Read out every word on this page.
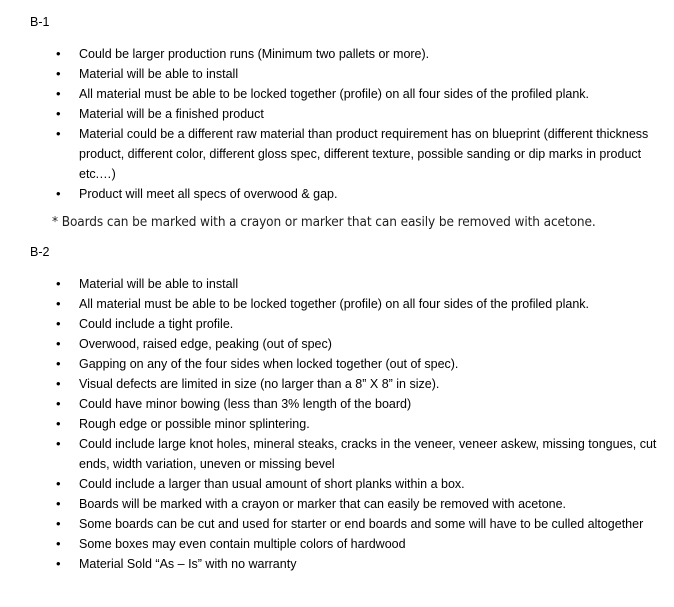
B-1

• Could be larger production runs (Minimum two pallets or more).
• Material will be able to install
• All material must be able to be locked together (profile) on all four sides of the profiled plank.
• Material will be a finished product
• Material could be a different raw material than product requirement has on blueprint (different thickness product, different color, different gloss spec, different texture, possible sanding or dip marks in product etc.…)
• Product will meet all specs of overwood & gap.

* Boards can be marked with a crayon or marker that can easily be removed with acetone.

B-2

• Material will be able to install
• All material must be able to be locked together (profile) on all four sides of the profiled plank.
• Could include a tight profile.
• Overwood, raised edge, peaking (out of spec)
• Gapping on any of the four sides when locked together (out of spec).
• Visual defects are limited in size (no larger than a 8” X 8” in size).
• Could have minor bowing (less than 3% length of the board)
• Rough edge or possible minor splintering.
• Could include large knot holes, mineral steaks, cracks in the veneer, veneer askew, missing tongues, cut ends, width variation, uneven or missing bevel
• Could include a larger than usual amount of short planks within a box.
• Boards will be marked with a crayon or marker that can easily be removed with acetone.
• Some boards can be cut and used for starter or end boards and some will have to be culled altogether
• Some boxes may even contain multiple colors of hardwood
• Material Sold “As – Is” with no warranty
